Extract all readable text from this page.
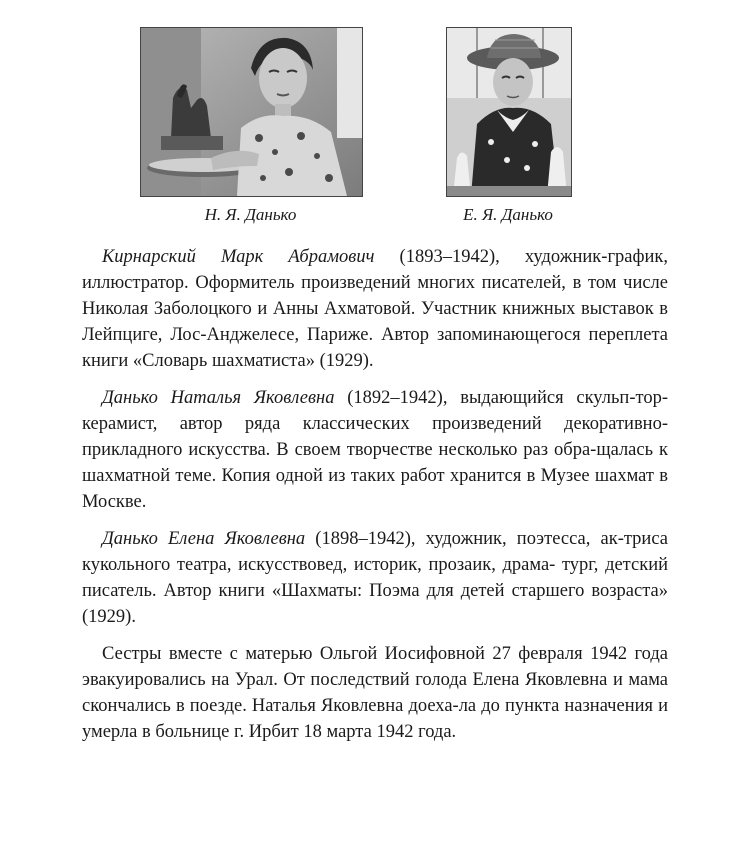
Н. Я. Данько	Е. Я. Данько

Кирнарский Марк Абрамович (1893–1942), художник-график, иллюстратор. Оформитель произведений многих писателей, в том числе Николая Заболоцкого и Анны Ахматовой. Участник книжных выставок в Лейпциге, Лос-Анджелесе, Париже. Автор запоминающегося переплета книги «Словарь шахматиста» (1929).

Данько Наталья Яковлевна (1892–1942), выдающийся скульп-тор-керамист, автор ряда классических произведений декоративно-прикладного искусства. В своем творчестве несколько раз обра-щалась к шахматной теме. Копия одной из таких работ хранится в Музее шахмат в Москве.

Данько Елена Яковлевна (1898–1942), художник, поэтесса, ак-триса кукольного театра, искусствовед, историк, прозаик, драма- тург, детский писатель. Автор книги «Шахматы: Поэма для детей старшего возраста» (1929).

Сестры вместе с матерью Ольгой Иосифовной 27 февраля 1942 года эвакуировались на Урал. От последствий голода Елена Яковлевна и мама скончались в поезде. Наталья Яковлевна доеха-ла до пункта назначения и умерла в больнице г. Ирбит 18 марта 1942 года.
